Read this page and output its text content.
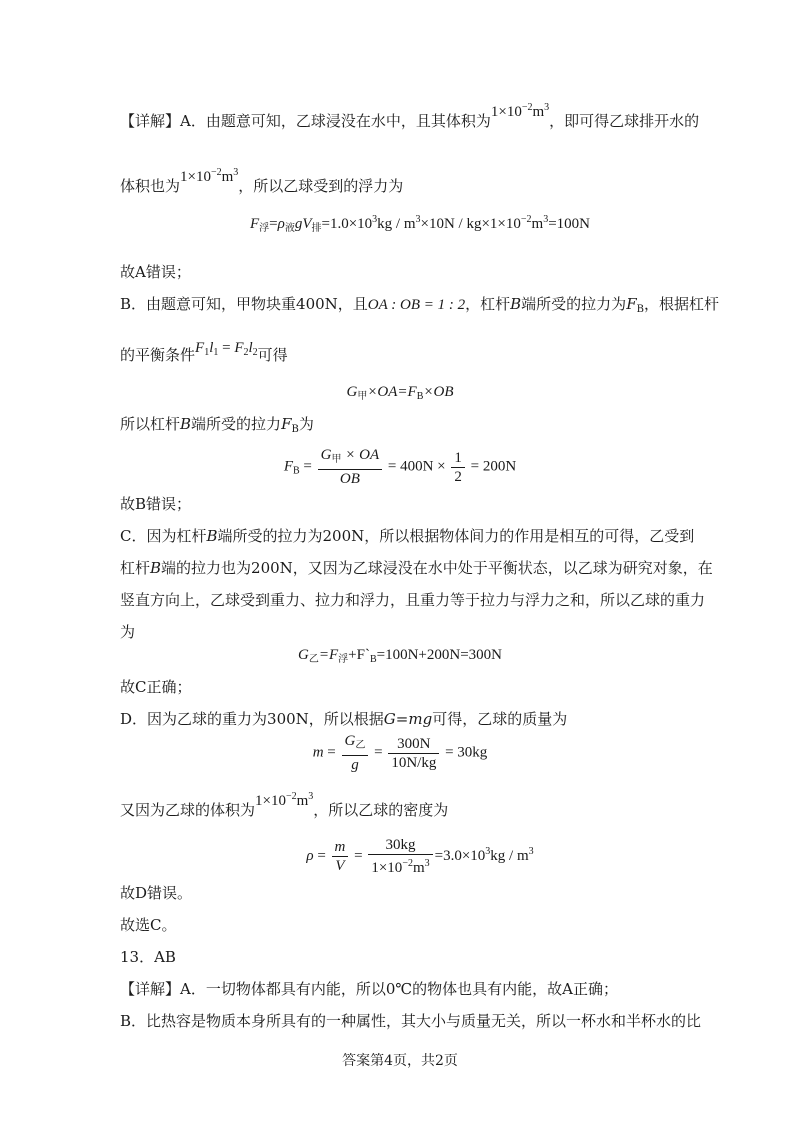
【详解】A．由题意可知，乙球浸没在水中，且其体积为$1\times 10^{-2}m^3$，即可得乙球排开水的
体积也为$1\times 10^{-2}m^3$，所以乙球受到的浮力为
$F_浮=\rho_液gV_排=1.0\times 10^3kg / m^3\times 10N / kg\times 1\times 10^{-2}m^3=100N$
故A错误；
B．由题意可知，甲物块重400N，且OA : OB = 1 : 2，杠杆B端所受的拉力为$F_B$，根据杠杆
的平衡条件$F_1l_1 = F_2l_2$可得
$G_甲\times OA=F_B\times OB$
所以杠杆B端所受的拉力$F_B$为
$F_B = \frac{G_甲 \times OA}{OB} = 400N \times \frac{1}{2} = 200N$
故B错误；
C．因为杠杆B端所受的拉力为200N，所以根据物体间力的作用是相互的可得，乙受到
杠杆B端的拉力也为200N，又因为乙球浸没在水中处于平衡状态，以乙球为研究对象，在
竖直方向上，乙球受到重力、拉力和浮力，且重力等于拉力与浮力之和，所以乙球的重力
为
$G_乙=F_浮+F`_B=100N+200N=300N$
故C正确；
D．因为乙球的重力为300N，所以根据G=mg可得，乙球的质量为
$m = \frac{G_乙}{g} = \frac{300N}{10N/kg} = 30kg$
又因为乙球的体积为$1\times 10^{-2}m^3$，所以乙球的密度为
$\rho = \frac{m}{V} = \frac{30kg}{1\times 10^{-2}m^3} =3.0\times 10^3kg / m^3$
故D错误。
故选C。
13．AB
【详解】A．一切物体都具有内能，所以0℃的物体也具有内能，故A正确；
B．比热容是物质本身所具有的一种属性，其大小与质量无关，所以一杯水和半杯水的比
答案第4页，共2页
